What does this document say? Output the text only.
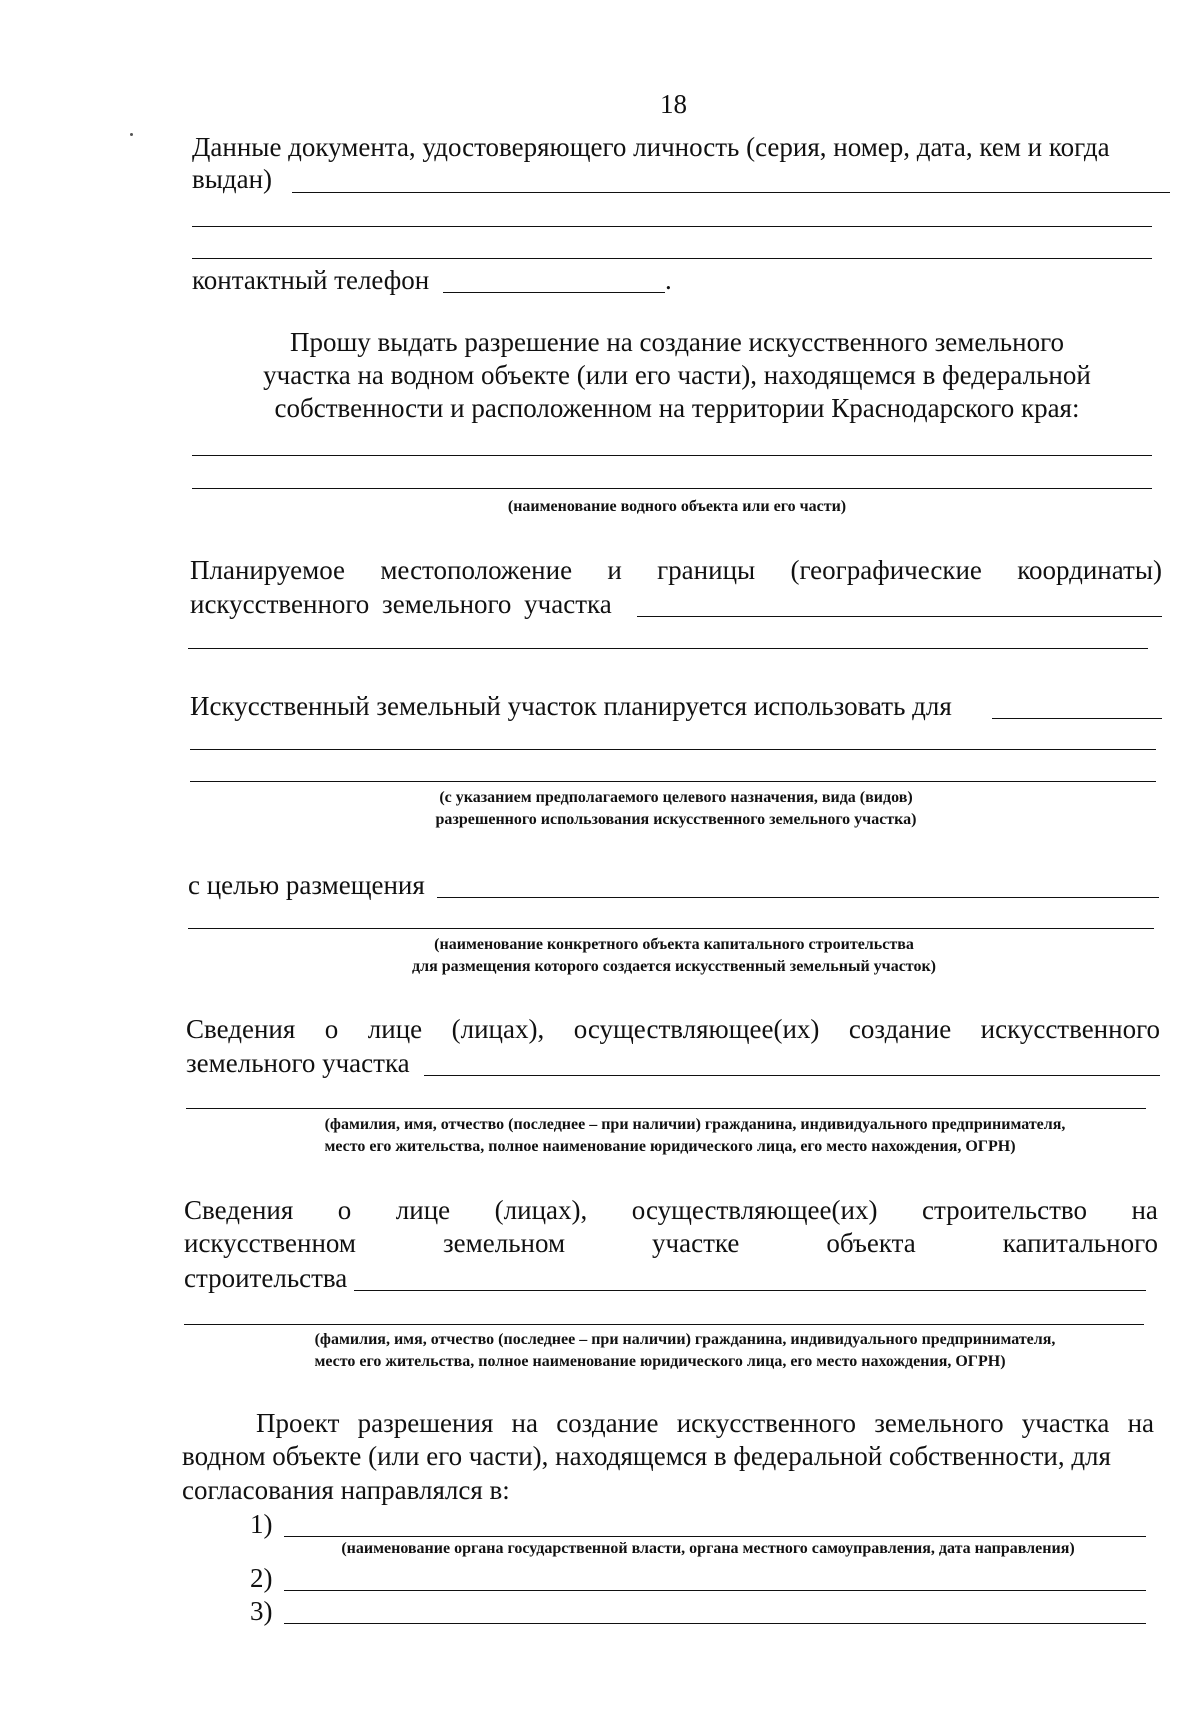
18
Данные документа, удостоверяющего личность (серия, номер, дата, кем и когда
выдан)
контактный телефон	.
Прошу выдать разрешение на создание искусственного земельного
участка на водном объекте (или его части), находящемся в федеральной
собственности и расположенном на территории Краснодарского края:
(наименование водного объекта или его части)
Планируемое местоположение и границы (географические координаты)
искусственного земельного участка
Искусственный земельный участок планируется использовать для
(с указанием предполагаемого целевого назначения, вида (видов)
разрешенного использования искусственного земельного участка)
с целью размещения
(наименование конкретного объекта капитального строительства
для размещения которого создается искусственный земельный участок)
Сведения о лице (лицах), осуществляющее(их) создание искусственного
земельного участка
(фамилия, имя, отчество (последнее – при наличии) гражданина, индивидуального предпринимателя,
место его жительства, полное наименование юридического лица, его место нахождения, ОГРН)
Сведения о лице (лицах), осуществляющее(их) строительство на
искусственном	земельном	участке	объекта	капитального
строительства
(фамилия, имя, отчество (последнее – при наличии) гражданина, индивидуального предпринимателя,
место его жительства, полное наименование юридического лица, его место нахождения, ОГРН)
Проект разрешения на создание искусственного земельного участка на
водном объекте (или его части), находящемся в федеральной собственности, для
согласования направлялся в:
1)
(наименование органа государственной власти, органа местного самоуправления, дата направления)
2)
3)
